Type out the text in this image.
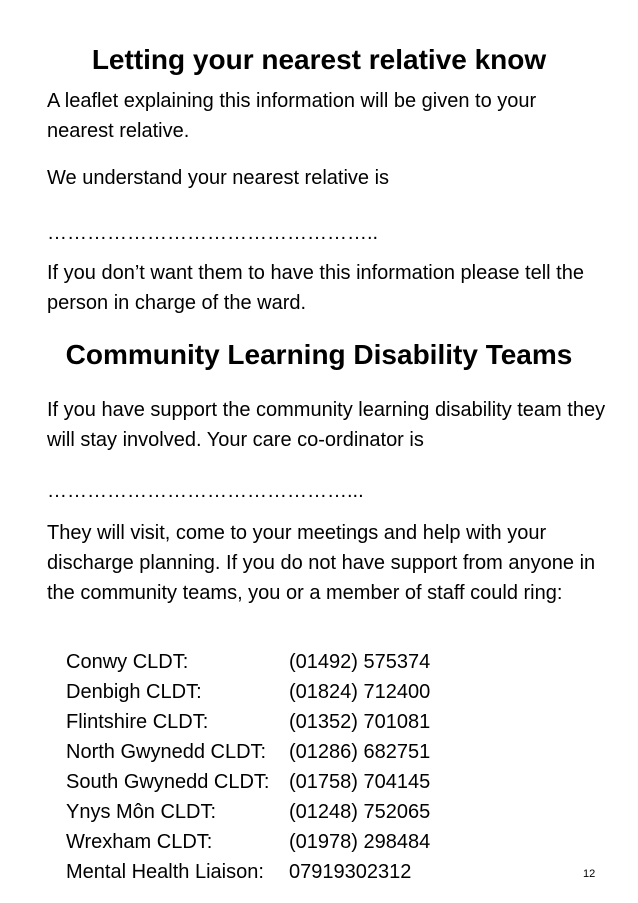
Letting your nearest relative know

A leaflet explaining this information will be given to your nearest relative.

We understand your nearest relative is

…………………………………………..

If you don’t want them to have this information please tell the person in charge of the ward.

Community Learning Disability Teams

If you have support the community learning disability team they will stay involved. Your care co-ordinator is

………………………………………...

They will visit, come to your meetings and help with your discharge planning. If you do not have support from anyone in the community teams, you or a member of staff could ring:

Conwy CLDT:	(01492) 575374
Denbigh CLDT:	(01824) 712400
Flintshire CLDT:	(01352) 701081
North Gwynedd CLDT:	(01286) 682751
South Gwynedd CLDT: (01758) 704145
Ynys Môn CLDT:	(01248) 752065
Wrexham CLDT:	(01978) 298484
Mental Health Liaison:	07919302312	12
